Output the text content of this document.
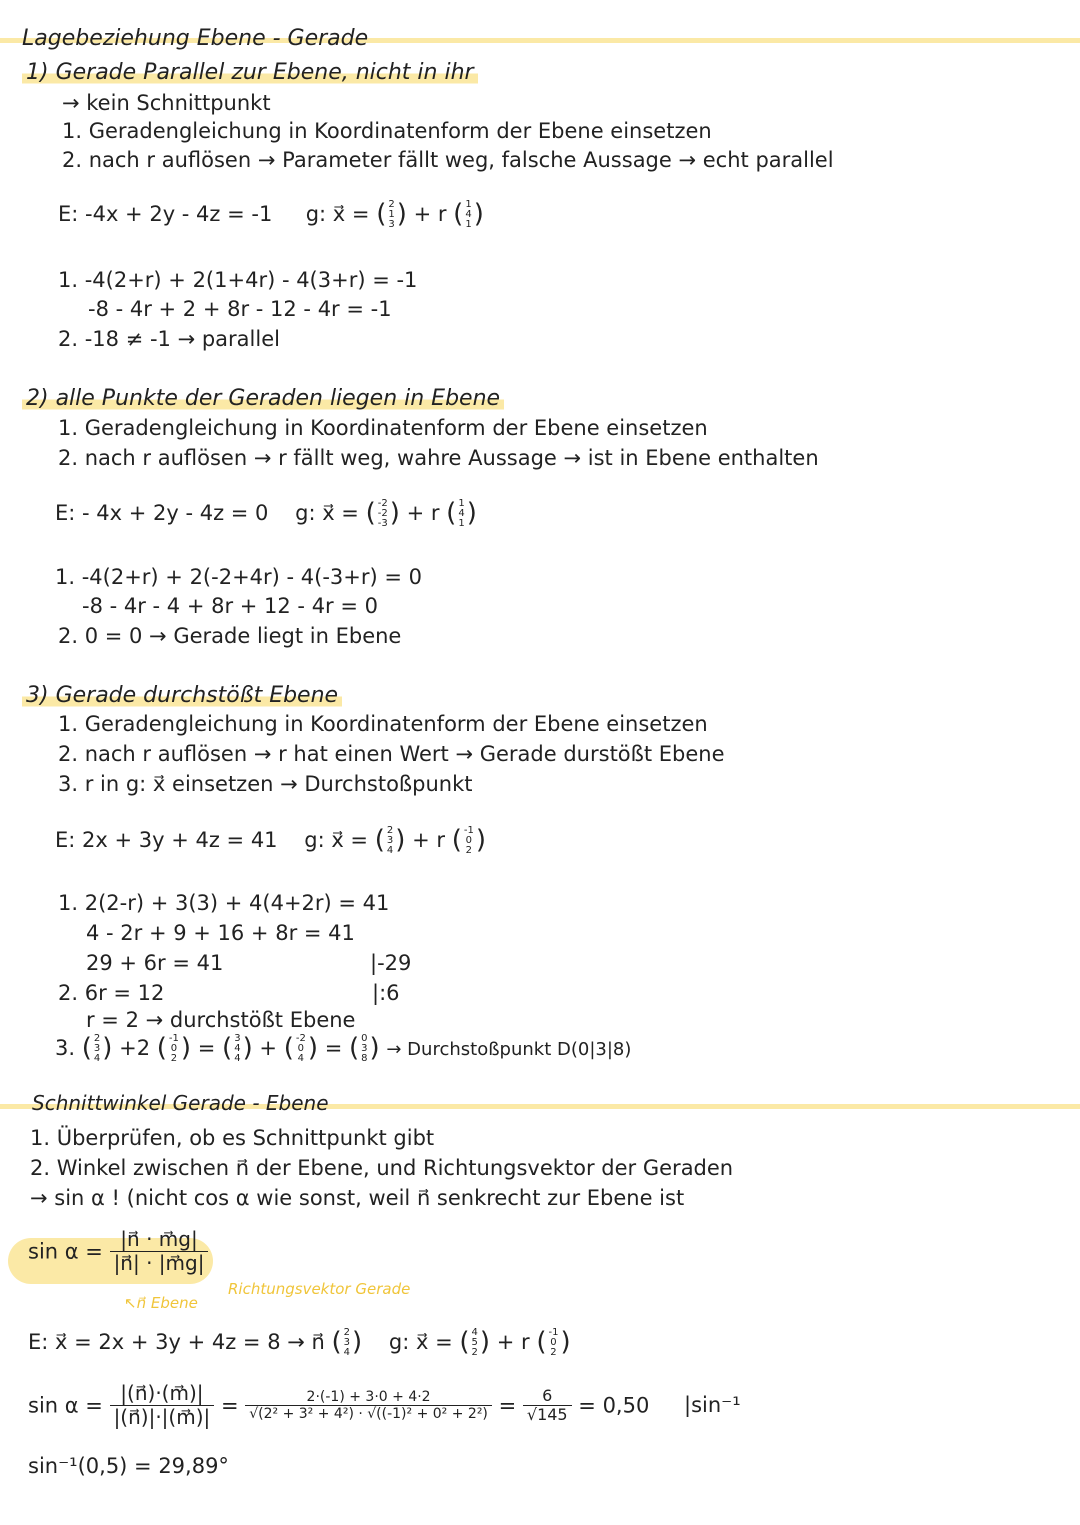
Lagebeziehung Ebene - Gerade
1) Gerade Parallel zur Ebene, nicht in ihr
→ kein Schnittpunkt
1. Geradengleichung in Koordinatenform der Ebene einsetzen
2. nach r auflösen → Parameter fällt weg, falsche Aussage → echt parallel
E: -4x + 2y - 4z = -1 g: x⃗ = ( 2
1
3 ) + r ( 1
4
1 )
1. -4(2+r) + 2(1+4r) - 4(3+r) = -1
-8 - 4r + 2 + 8r - 12 - 4r = -1
2. -18 ≠ -1 → parallel
2) alle Punkte der Geraden liegen in Ebene
1. Geradengleichung in Koordinatenform der Ebene einsetzen
2. nach r auflösen → r fällt weg, wahre Aussage → ist in Ebene enthalten
E: - 4x + 2y - 4z = 0 g: x⃗ = ( -2
-2
-3 ) + r ( 1
4
1 )
1. -4(2+r) + 2(-2+4r) - 4(-3+r) = 0
-8 - 4r - 4 + 8r + 12 - 4r = 0
2. 0 = 0 → Gerade liegt in Ebene
3) Gerade durchstößt Ebene
1. Geradengleichung in Koordinatenform der Ebene einsetzen
2. nach r auflösen → r hat einen Wert → Gerade durstößt Ebene
3. r in g: x⃗ einsetzen → Durchstoßpunkt
E: 2x + 3y + 4z = 41 g: x⃗ = ( 2
3
4 ) + r ( -1
0
2 )
1. 2(2-r) + 3(3) + 4(4+2r) = 41
4 - 2r + 9 + 16 + 8r = 41
29 + 6r = 41	|-29
2. 6r = 12	|:6
r = 2 → durchstößt Ebene
3. ( 2
3
4 ) +2 ( -1
0
2 ) = ( 3
4
4 ) + ( -2
0
4 ) = ( 0
3
8 ) → Durchstoßpunkt D(0|3|8)
Schnittwinkel Gerade - Ebene
1. Überprüfen, ob es Schnittpunkt gibt
2. Winkel zwischen n⃗ der Ebene, und Richtungsvektor der Geraden
→ sin α ! (nicht cos α wie sonst, weil n⃗ senkrecht zur Ebene ist
$\sin \alpha = \frac{|n⃗ \cdot m⃗g|}{|n⃗| \cdot |m⃗g|}$
Richtungsvektor Gerade
↖n⃗ Ebene
E: x⃗ = 2x + 3y + 4z = 8 → n⃗ ( 2
3
4 ) g: x⃗ = ( 4
5
2 ) + r ( -1
0
2 )
$\sin \alpha = \frac{|(n⃗)\cdot(m⃗)|}{|(n⃗)|\cdot|(m⃗)|} = \frac{2\cdot(-1) + 3\cdot 0 + 4\cdot 2}{\text{√(2² + 3² + 4²) · √((-1)² + 0² + 2²)}} = \frac{6}{√145} = 0,50$ |sin⁻¹
sin⁻¹(0,5) = 29,89°
